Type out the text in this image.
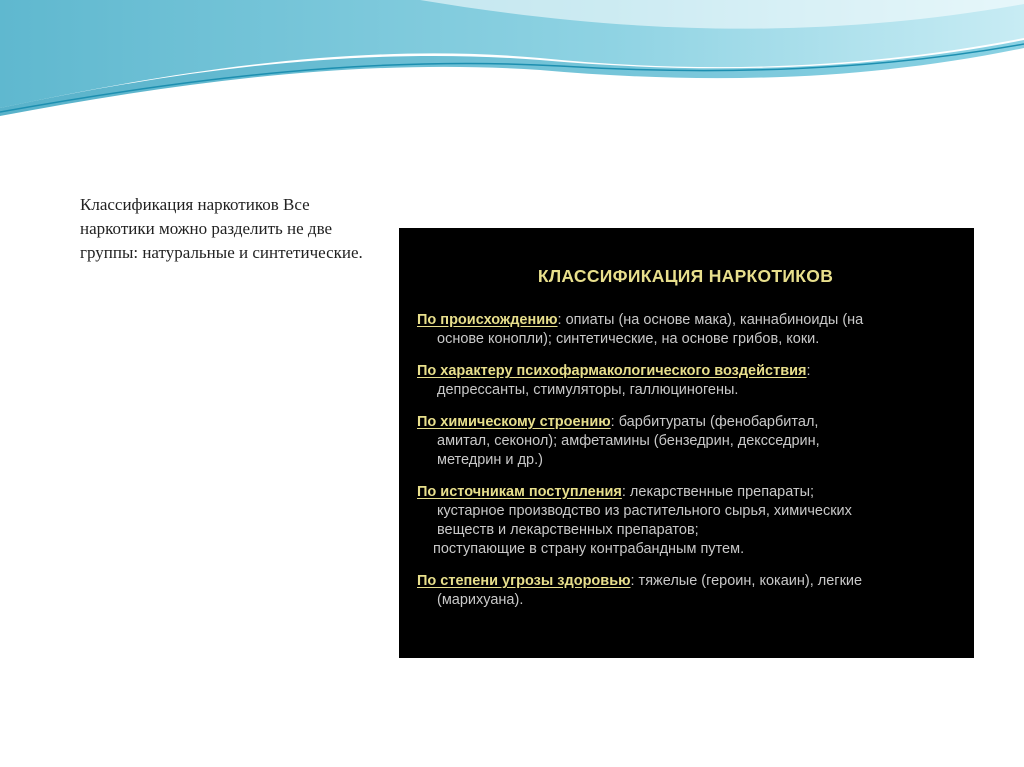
Классификация наркотиков Все наркотики можно разделить не две группы: натуральные и синтетические.
КЛАССИФИКАЦИЯ НАРКОТИКОВ
По происхождению: опиаты (на основе мака), каннабиноиды (на
основе конопли); синтетические, на основе грибов, коки.
По характеру психофармакологического воздействия:
депрессанты, стимуляторы, галлюциногены.
По химическому строению: барбитураты (фенобарбитал,
амитал, секонол); амфетамины (бензедрин, дексседрин,
метедрин и др.)
По источникам поступления: лекарственные препараты;
кустарное производство из растительного сырья, химических
веществ и лекарственных препаратов;
поступающие в страну контрабандным путем.
По степени угрозы здоровью: тяжелые (героин, кокаин), легкие
(марихуана).
